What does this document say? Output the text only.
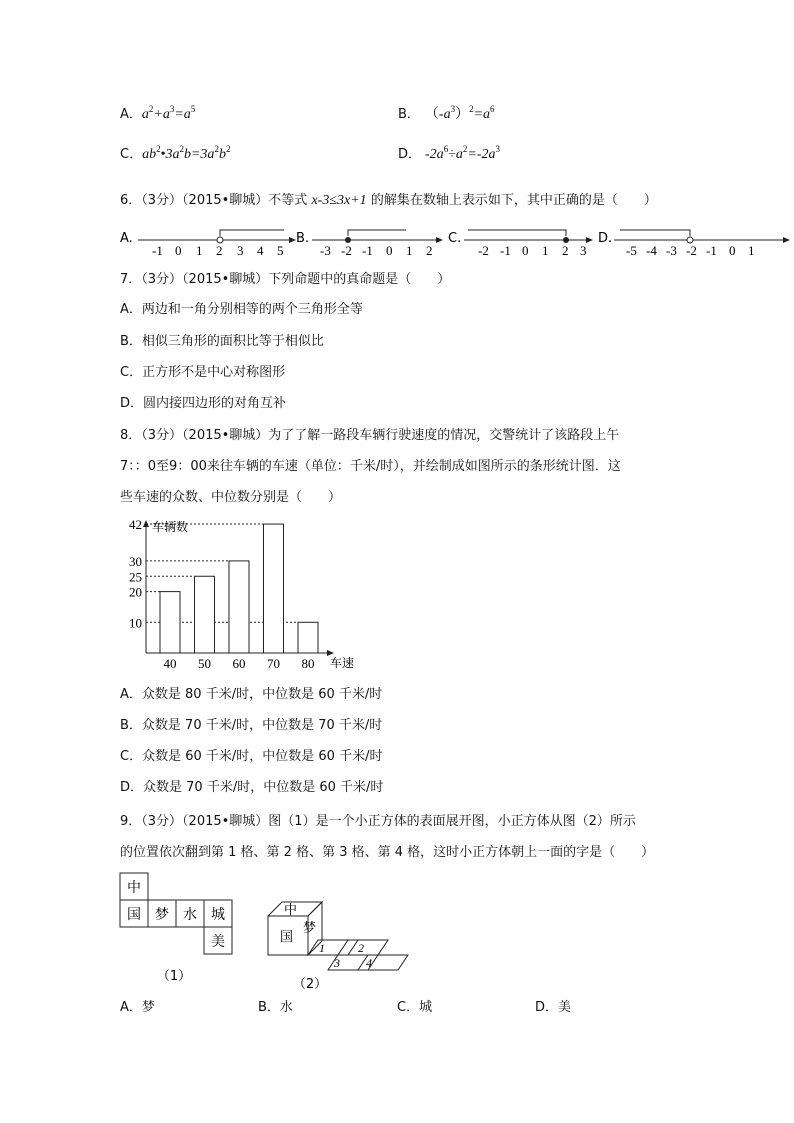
A．$a^2+a^3=a^5$	B． $(-a^3)^2=a^6$
C．$ab^2•3a^2b=3a^2b^2$	D． $-2a^6\div a^2=-2a^3$
6．（3分）（2015•聊城）不等式 x-3≤3x+1 的解集在数轴上表示如下，其中正确的是（　　）
A.
-1 0 1 2 3 4 5
B.
-3 -2 -1 0 1 2
C.
-2 -1 0 1 2 3
D.
-5 -4 -3 -2 -1 0 1
7．（3分）（2015•聊城）下列命题中的真命题是（　　）
A．两边和一角分别相等的两个三角形全等
B．相似三角形的面积比等于相似比
C．正方形不是中心对称图形
D．圆内接四边形的对角互补
8．（3分）（2015•聊城）为了了解一路段车辆行驶速度的情况，交警统计了该路段上午
7：：0至9：00来往车辆的车速（单位：千米/时），并绘制成如图所示的条形统计图．这
些车速的众数、中位数分别是（　　）
车辆数
车速
10
20
25
30
42
40 50 60 70 80
A．众数是 80 千米/时，中位数是 60 千米/时
B．众数是 70 千米/时，中位数是 70 千米/时
C．众数是 60 千米/时，中位数是 60 千米/时
D．众数是 70 千米/时，中位数是 60 千米/时
9．（3分）（2015•聊城）图（1）是一个小正方体的表面展开图，小正方体从图（2）所示
的位置依次翻到第 1 格、第 2 格、第 3 格、第 4 格，这时小正方体朝上一面的字是（　　）
中
国 梦 水 城
美
（1）
国
中
梦
1	2
3 4
（2）
A．梦	B．水	C．城	D．美
